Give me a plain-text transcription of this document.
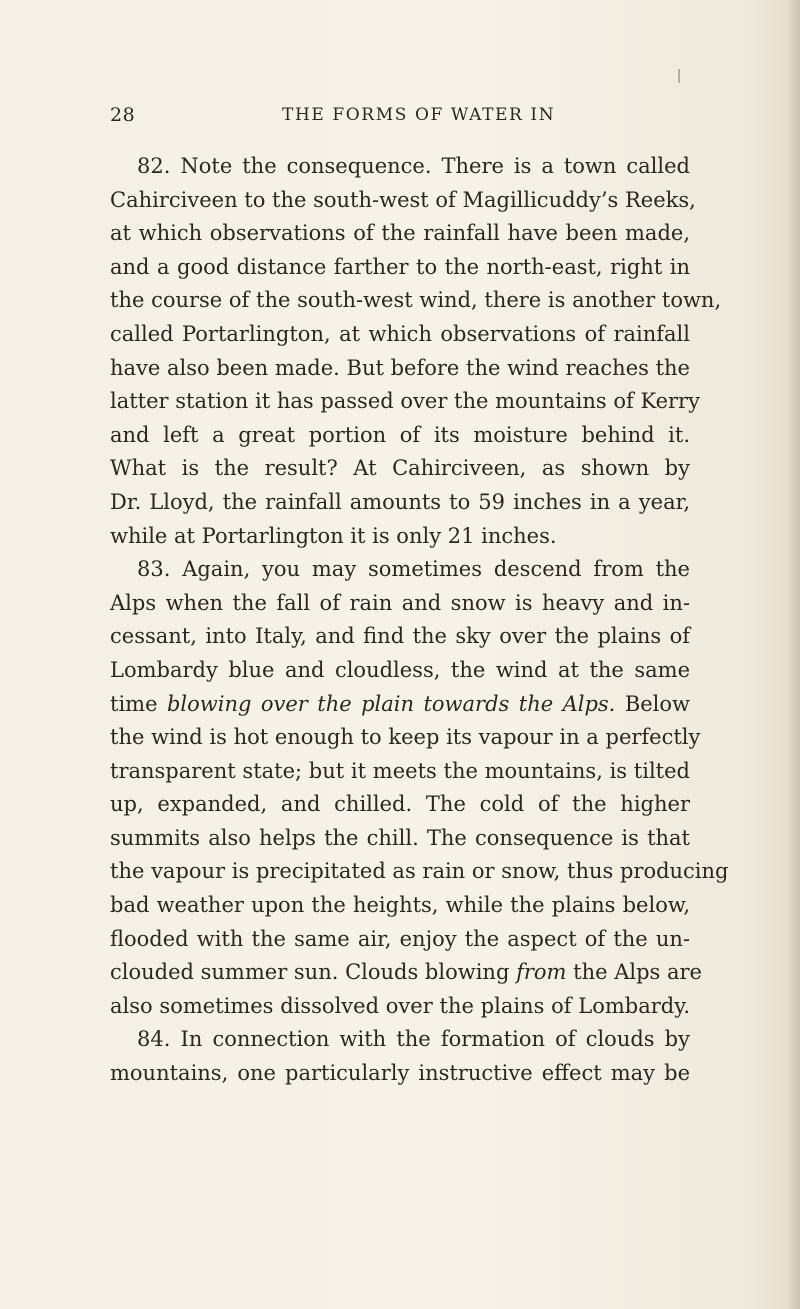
28	THE FORMS OF WATER IN
82. Note the consequence. There is a town called
Cahirciveen to the south-west of Magillicuddy’s Reeks,
at which observations of the rainfall have been made,
and a good distance farther to the north-east, right in
the course of the south-west wind, there is another town,
called Portarlington, at which observations of rainfall
have also been made. But before the wind reaches the
latter station it has passed over the mountains of Kerry
and left a great portion of its moisture behind it.
What is the result? At Cahirciveen, as shown by
Dr. Lloyd, the rainfall amounts to 59 inches in a year,
while at Portarlington it is only 21 inches.
83. Again, you may sometimes descend from the
Alps when the fall of rain and snow is heavy and in-
cessant, into Italy, and find the sky over the plains of
Lombardy blue and cloudless, the wind at the same
time blowing over the plain towards the Alps. Below
the wind is hot enough to keep its vapour in a perfectly
transparent state; but it meets the mountains, is tilted
up, expanded, and chilled. The cold of the higher
summits also helps the chill. The consequence is that
the vapour is precipitated as rain or snow, thus producing
bad weather upon the heights, while the plains below,
flooded with the same air, enjoy the aspect of the un-
clouded summer sun. Clouds blowing from the Alps are
also sometimes dissolved over the plains of Lombardy.
84. In connection with the formation of clouds by
mountains, one particularly instructive effect may be
